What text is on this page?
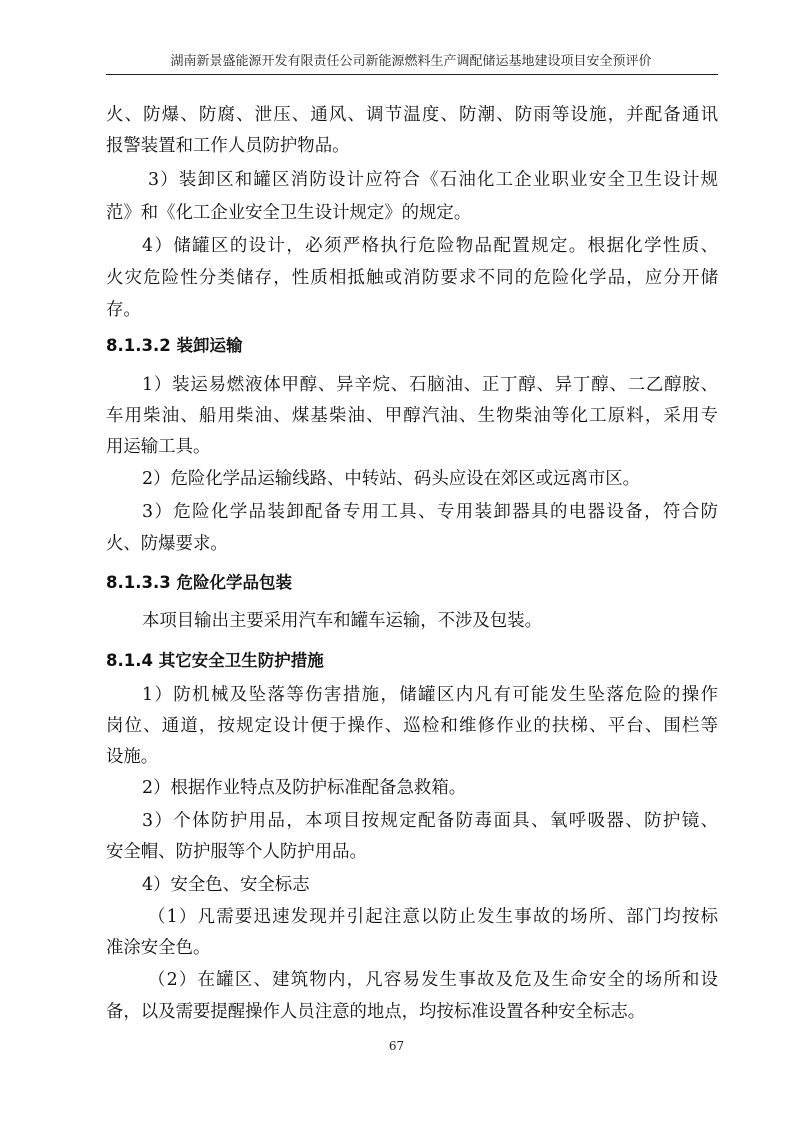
湖南新景盛能源开发有限责任公司新能源燃料生产调配储运基地建设项目安全预评价
火、防爆、防腐、泄压、通风、调节温度、防潮、防雨等设施，并配备通讯
报警装置和工作人员防护物品。
3）装卸区和罐区消防设计应符合《石油化工企业职业安全卫生设计规
范》和《化工企业安全卫生设计规定》的规定。
4）储罐区的设计，必须严格执行危险物品配置规定。根据化学性质、
火灾危险性分类储存，性质相抵触或消防要求不同的危险化学品，应分开储
存。
8.1.3.2 装卸运输
1）装运易燃液体甲醇、异辛烷、石脑油、正丁醇、异丁醇、二乙醇胺、
车用柴油、船用柴油、煤基柴油、甲醇汽油、生物柴油等化工原料，采用专
用运输工具。
2）危险化学品运输线路、中转站、码头应设在郊区或远离市区。
3）危险化学品装卸配备专用工具、专用装卸器具的电器设备，符合防
火、防爆要求。
8.1.3.3 危险化学品包装
本项目输出主要采用汽车和罐车运输，不涉及包装。
8.1.4 其它安全卫生防护措施
1）防机械及坠落等伤害措施，储罐区内凡有可能发生坠落危险的操作
岗位、通道，按规定设计便于操作、巡检和维修作业的扶梯、平台、围栏等
设施。
2）根据作业特点及防护标准配备急救箱。
3）个体防护用品，本项目按规定配备防毒面具、氧呼吸器、防护镜、
安全帽、防护服等个人防护用品。
4）安全色、安全标志
（1）凡需要迅速发现并引起注意以防止发生事故的场所、部门均按标
准涂安全色。
（2）在罐区、建筑物内，凡容易发生事故及危及生命安全的场所和设
备，以及需要提醒操作人员注意的地点，均按标准设置各种安全标志。
67
